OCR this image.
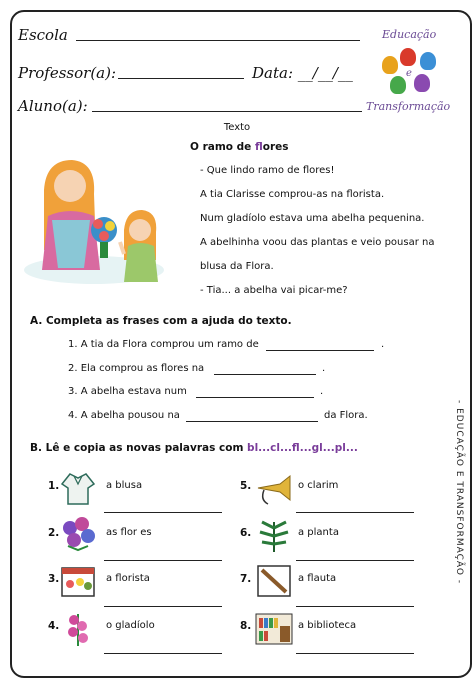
Escola
Professor(a):	Data: __/__/__
Aluno(a):
Educação
e
Transformação
Texto
O ramo de flores
- Que lindo ramo de flores!
A tia Clarisse comprou-as na florista.
Num gladíolo estava uma abelha pequenina.
A abelhinha voou das plantas e veio pousar na
blusa da Flora.
- Tia... a abelha vai picar-me?
A. Completa as frases com a ajuda do texto.
1. A tia da Flora comprou um ramo de	.
2. Ela comprou as flores na	.
3. A abelha estava num	.
4. A abelha pousou na	da Flora.
B. Lê e copia as novas palavras com bl...cl...fl...gl...pl...
1.	a blusa
2.	as flor es
3.	a florista
4.	o gladíolo
5.	o clarim
6.	a planta
7.	a flauta
8.	a biblioteca
- EDUCAÇÃO E TRANSFORMAÇÃO -
